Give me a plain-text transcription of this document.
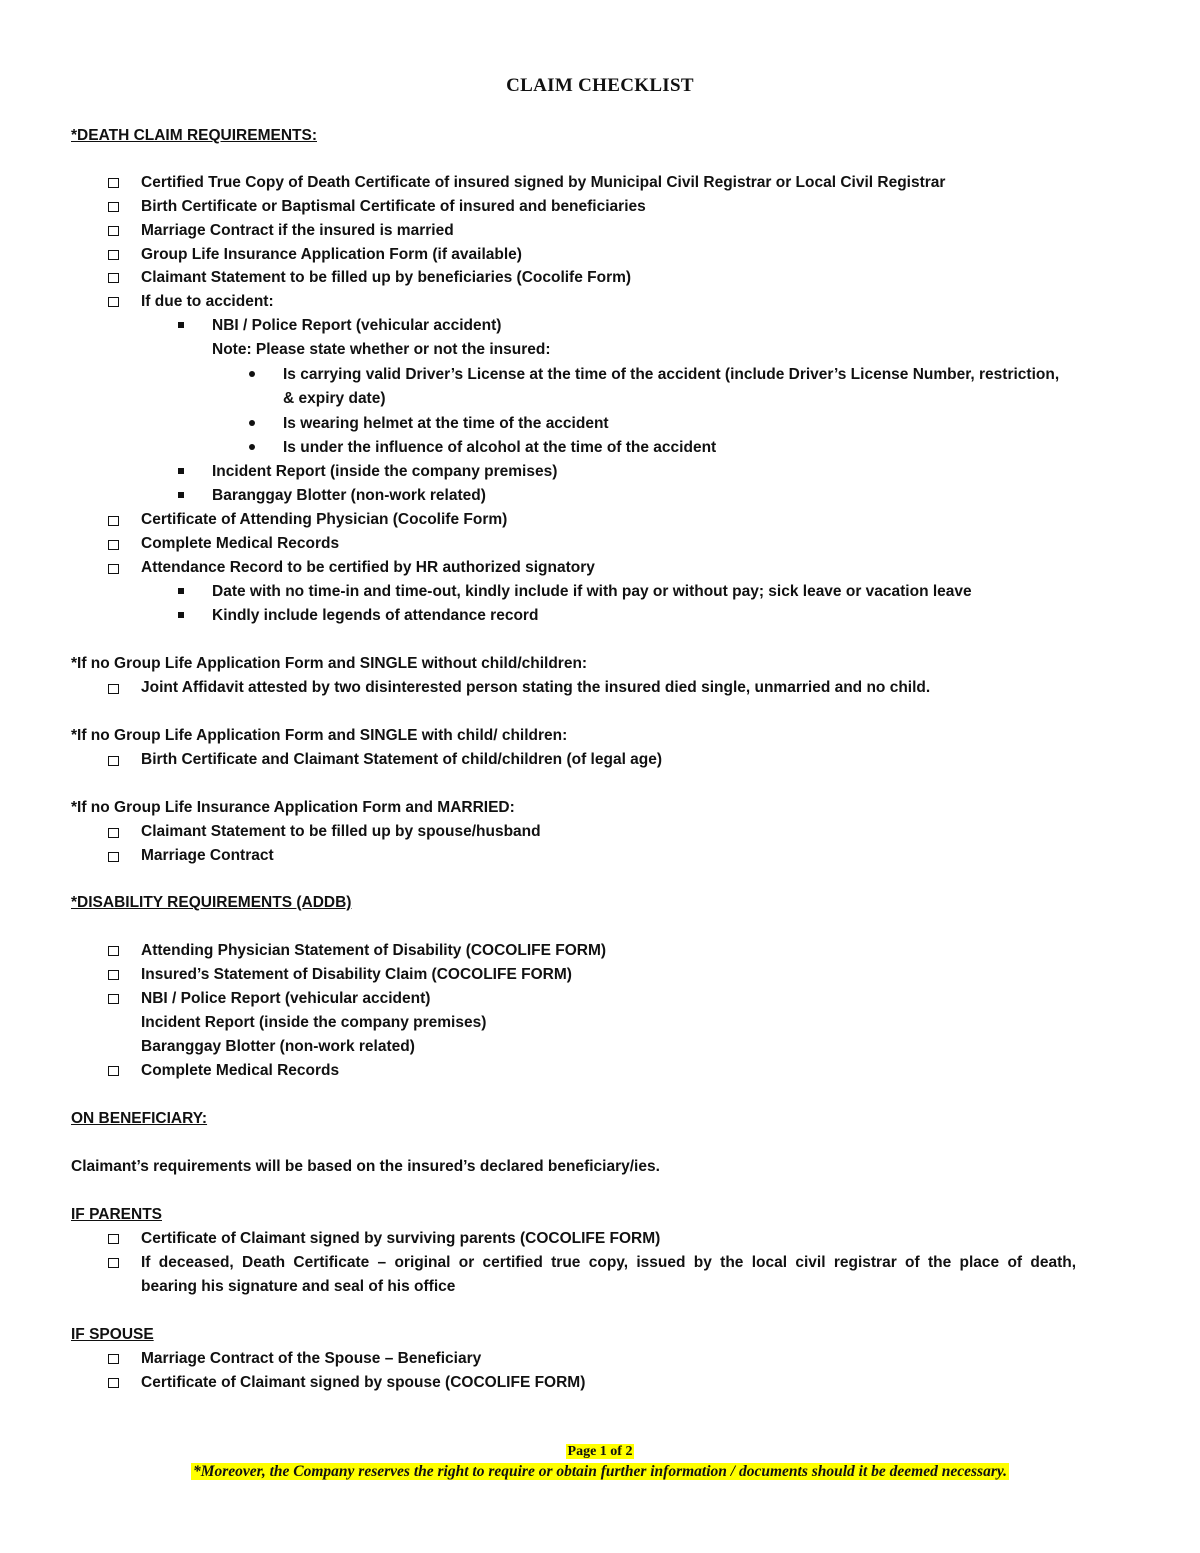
CLAIM CHECKLIST
*DEATH CLAIM REQUIREMENTS:
Certified True Copy of Death Certificate of insured signed by Municipal Civil Registrar or Local Civil Registrar
Birth Certificate or Baptismal Certificate of insured and beneficiaries
Marriage Contract if the insured is married
Group Life Insurance Application Form (if available)
Claimant Statement to be filled up by beneficiaries (Cocolife Form)
If due to accident:
NBI / Police Report (vehicular accident)
Note: Please state whether or not the insured:
Is carrying valid Driver’s License at the time of the accident (include Driver’s License Number, restriction,
& expiry date)
Is wearing helmet at the time of the accident
Is under the influence of alcohol at the time of the accident
Incident Report (inside the company premises)
Baranggay Blotter (non-work related)
Certificate of Attending Physician (Cocolife Form)
Complete Medical Records
Attendance Record to be certified by HR authorized signatory
Date with no time-in and time-out, kindly include if with pay or without pay; sick leave or vacation leave
Kindly include legends of attendance record
*If no Group Life Application Form and SINGLE without child/children:
Joint Affidavit attested by two disinterested person stating the insured died single, unmarried and no child.
*If no Group Life Application Form and SINGLE with child/ children:
Birth Certificate and Claimant Statement of child/children (of legal age)
*If no Group Life Insurance Application Form and MARRIED:
Claimant Statement to be filled up by spouse/husband
Marriage Contract
*DISABILITY REQUIREMENTS (ADDB)
Attending Physician Statement of Disability (COCOLIFE FORM)
Insured’s Statement of Disability Claim (COCOLIFE FORM)
NBI / Police Report (vehicular accident)
Incident Report (inside the company premises)
Baranggay Blotter (non-work related)
Complete Medical Records
ON BENEFICIARY:
Claimant’s requirements will be based on the insured’s declared beneficiary/ies.
IF PARENTS
Certificate of Claimant signed by surviving parents (COCOLIFE FORM)
If deceased, Death Certificate – original or certified true copy, issued by the local civil registrar of the place of death,
bearing his signature and seal of his office
IF SPOUSE
Marriage Contract of the Spouse – Beneficiary
Certificate of Claimant signed by spouse (COCOLIFE FORM)
Page 1 of 2
*Moreover, the Company reserves the right to require or obtain further information / documents should it be deemed necessary.
